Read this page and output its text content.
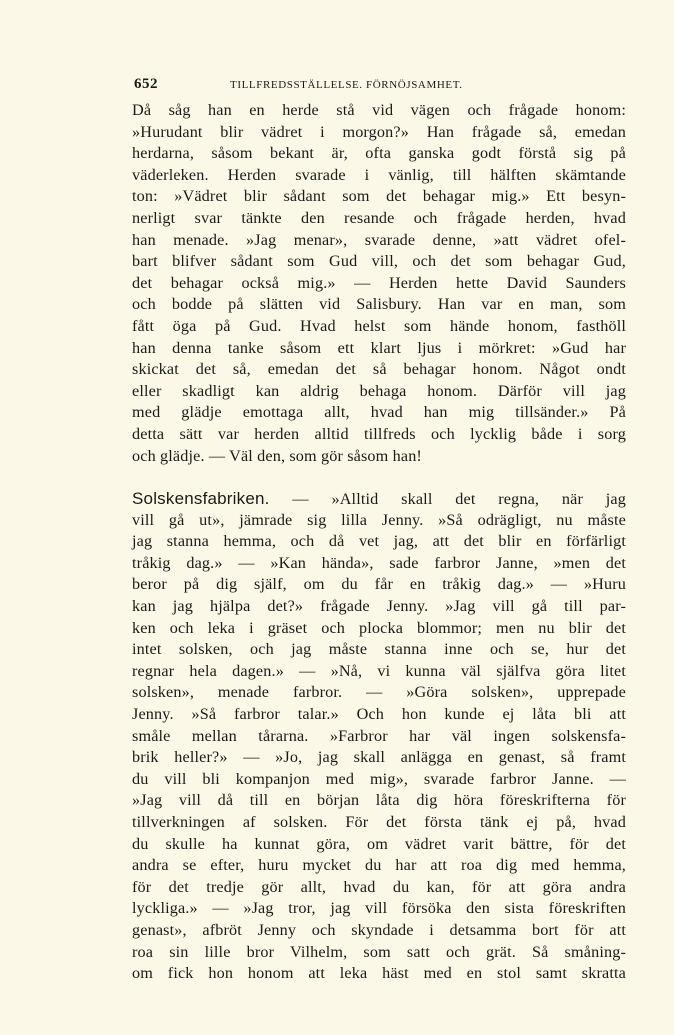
652	TILLFREDSSTÄLLELSE. FÖRNÖJSAMHET.
Då såg han en herde stå vid vägen och frågade honom:
»Hurudant blir vädret i morgon?» Han frågade så, emedan
herdarna, såsom bekant är, ofta ganska godt förstå sig på
väderleken. Herden svarade i vänlig, till hälften skämtande
ton: »Vädret blir sådant som det behagar mig.» Ett besyn-
nerligt svar tänkte den resande och frågade herden, hvad
han menade. »Jag menar», svarade denne, »att vädret ofel-
bart blifver sådant som Gud vill, och det som behagar Gud,
det behagar också mig.» — Herden hette David Saunders
och bodde på slätten vid Salisbury. Han var en man, som
fått öga på Gud. Hvad helst som hände honom, fasthöll
han denna tanke såsom ett klart ljus i mörkret: »Gud har
skickat det så, emedan det så behagar honom. Något ondt
eller skadligt kan aldrig behaga honom. Därför vill jag
med glädje emottaga allt, hvad han mig tillsänder.» På
detta sätt var herden alltid tillfreds och lycklig både i sorg
och glädje. — Väl den, som gör såsom han!
Solskensfabriken. — »Alltid skall det regna, när jag
vill gå ut», jämrade sig lilla Jenny. »Så odrägligt, nu måste
jag stanna hemma, och då vet jag, att det blir en förfärligt
tråkig dag.» — »Kan hända», sade farbror Janne, »men det
beror på dig själf, om du får en tråkig dag.» — »Huru
kan jag hjälpa det?» frågade Jenny. »Jag vill gå till par-
ken och leka i gräset och plocka blommor; men nu blir det
intet solsken, och jag måste stanna inne och se, hur det
regnar hela dagen.» — »Nå, vi kunna väl själfva göra litet
solsken», menade farbror. — »Göra solsken», upprepade
Jenny. »Så farbror talar.» Och hon kunde ej låta bli att
småle mellan tårarna. »Farbror har väl ingen solskensfa-
brik heller?» — »Jo, jag skall anlägga en genast, så framt
du vill bli kompanjon med mig», svarade farbror Janne. —
»Jag vill då till en början låta dig höra föreskrifterna för
tillverkningen af solsken. För det första tänk ej på, hvad
du skulle ha kunnat göra, om vädret varit bättre, för det
andra se efter, huru mycket du har att roa dig med hemma,
för det tredje gör allt, hvad du kan, för att göra andra
lyckliga.» — »Jag tror, jag vill försöka den sista föreskriften
genast», afbröt Jenny och skyndade i detsamma bort för att
roa sin lille bror Vilhelm, som satt och grät. Så småning-
om fick hon honom att leka häst med en stol samt skratta
